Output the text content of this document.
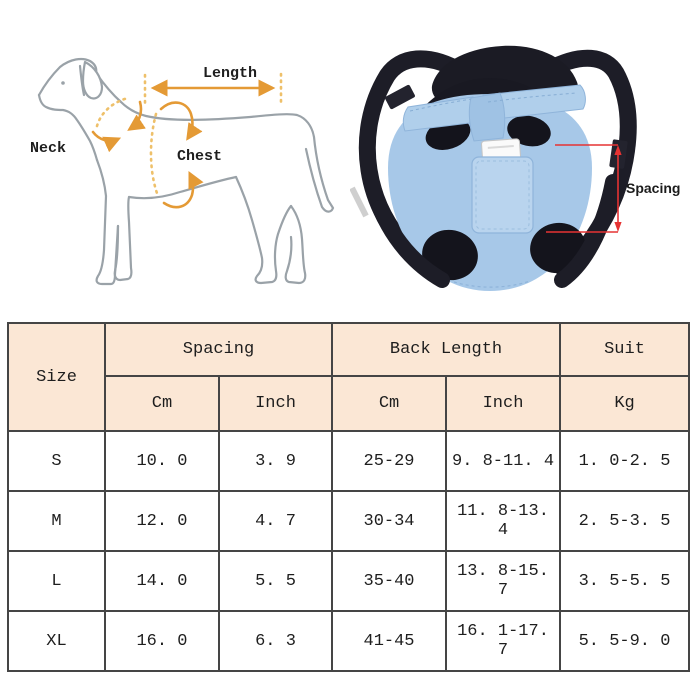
Length
Neck	Chest
Spacing
Size	Spacing		Back Length		Suit
	Cm	Inch	Cm	Inch	Kg
S	10. 0	3. 9	25-29	9. 8-11. 4	1. 0-2. 5
M	12. 0	4. 7	30-34	11. 8-13. 4	2. 5-3. 5
L	14. 0	5. 5	35-40	13. 8-15. 7	3. 5-5. 5
XL	16. 0	6. 3	41-45	16. 1-17. 7	5. 5-9. 0
